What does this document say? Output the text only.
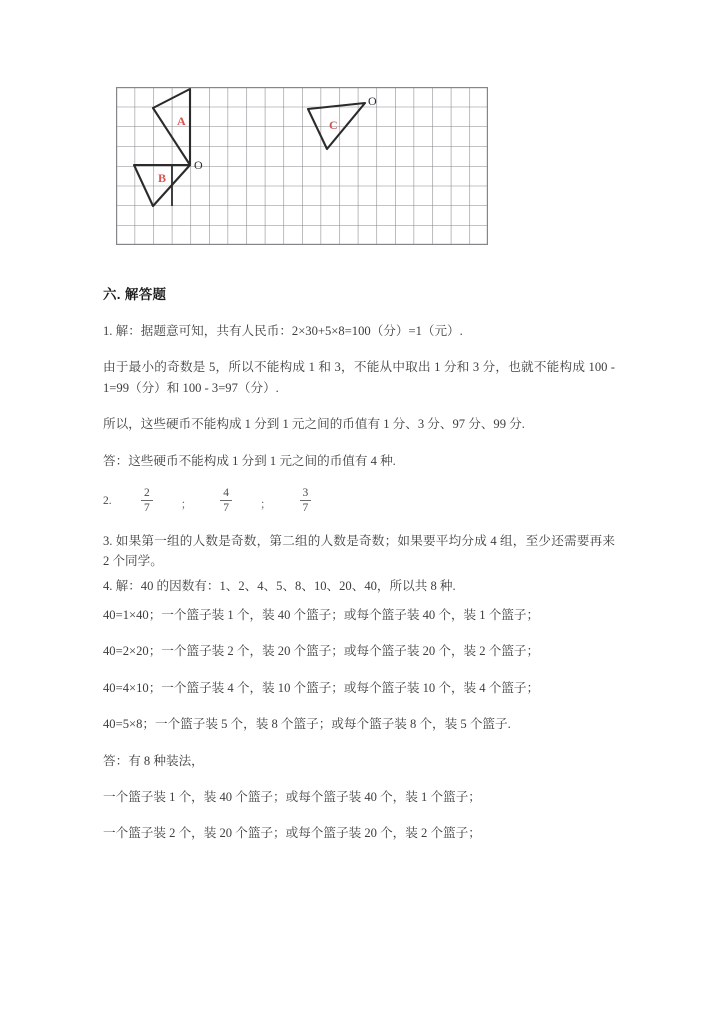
A
B
O
C
O
六. 解答题

1. 解：据题意可知，共有人民币：2×30+5×8=100（分）=1（元）.

由于最小的奇数是 5，所以不能构成 1 和 3，不能从中取出 1 分和 3 分，也就不能构成 100 - 1=99（分）和 100 - 3=97（分）.

所以，这些硬币不能构成 1 分到 1 元之间的币值有 1 分、3 分、97 分、99 分.

答：这些硬币不能构成 1 分到 1 元之间的币值有 4 种.

2.	$\frac{2}{7}$ ； $\frac{4}{7}$ ； $\frac{3}{7}$

3. 如果第一组的人数是奇数，第二组的人数是奇数；如果要平均分成 4 组，至少还需要再来 2 个同学。

4. 解：40 的因数有：1、2、4、5、8、10、20、40，所以共 8 种.

40=1×40；一个篮子装 1 个，装 40 个篮子；或每个篮子装 40 个，装 1 个篮子；

40=2×20；一个篮子装 2 个，装 20 个篮子；或每个篮子装 20 个，装 2 个篮子；

40=4×10；一个篮子装 4 个，装 10 个篮子；或每个篮子装 10 个，装 4 个篮子；

40=5×8；一个篮子装 5 个，装 8 个篮子；或每个篮子装 8 个，装 5 个篮子.

答：有 8 种装法，

一个篮子装 1 个，装 40 个篮子；或每个篮子装 40 个，装 1 个篮子；

一个篮子装 2 个，装 20 个篮子；或每个篮子装 20 个，装 2 个篮子；
